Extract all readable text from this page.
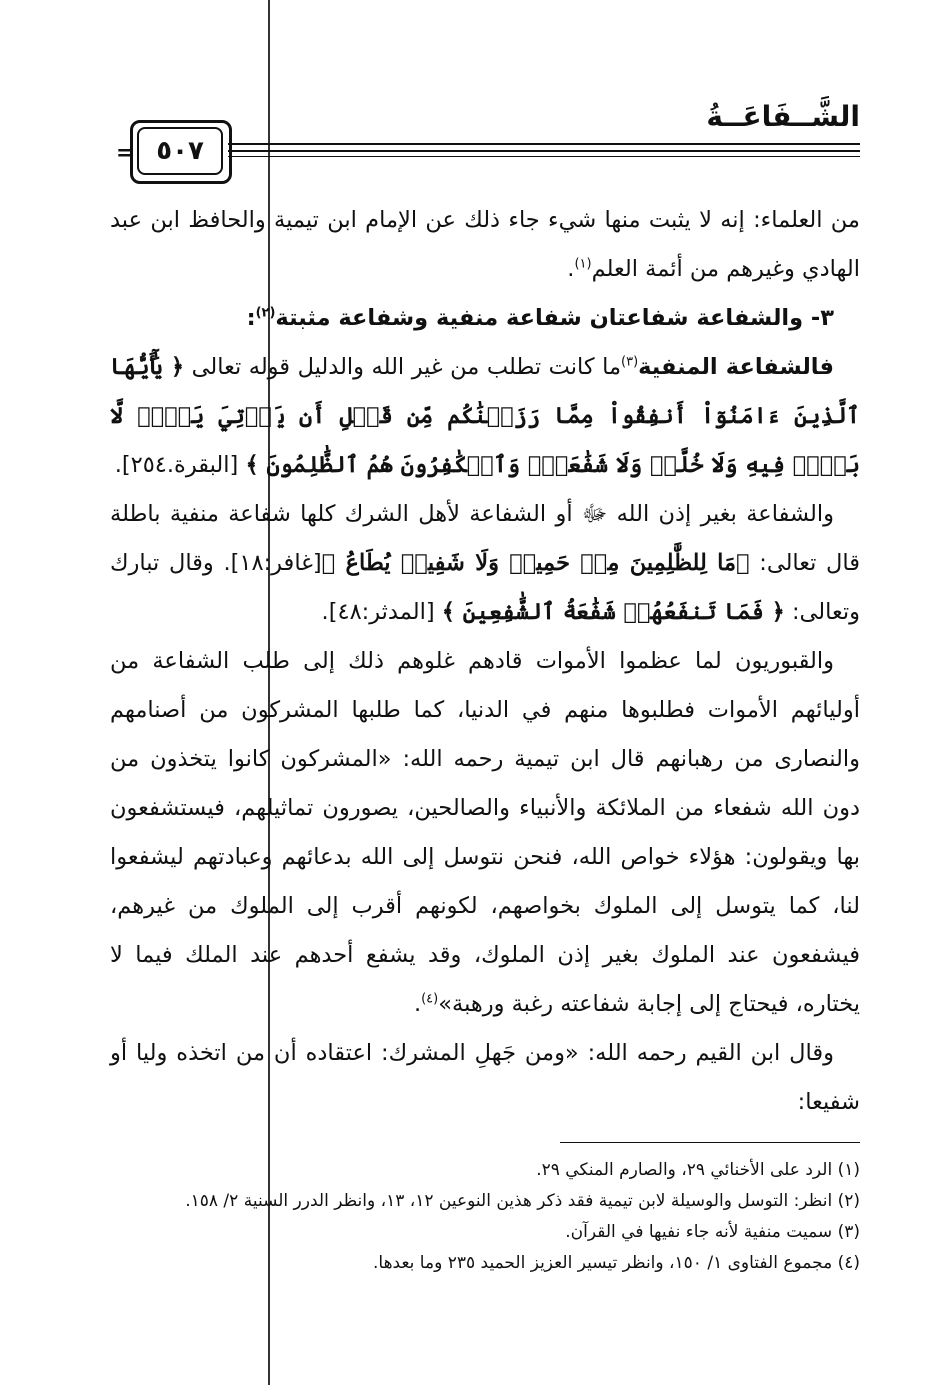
الشَّــفَاعَــةُ
٥٠٧
=

من العلماء: إنه لا يثبت منها شيء جاء ذلك عن الإمام ابن تيمية والحافظ ابن عبد الهادي وغيرهم من أئمة العلم$^{(١)}$.

٣- والشفاعة شفاعتان شفاعة منفية وشفاعة مثبتة$^{(٢)}$:

فالشفاعة المنفية$^{(٣)}$ما كانت تطلب من غير الله والدليل قوله تعالى ﴿ يَٰٓأَيُّهَا ٱلَّذِينَ ءَامَنُوٓاْ أَنفِقُواْ مِمَّا رَزَقۡنَٰكُم مِّن قَبۡلِ أَن يَأۡتِيَ يَوۡمٞ لَّا بَيۡعٞ فِيهِ وَلَا خُلَّةٞ وَلَا شَفَٰعَةٞۗ وَٱلۡكَٰفِرُونَ هُمُ ٱلظَّٰلِمُونَ ﴾ [البقرة.٢٥٤].

والشفاعة بغير إذن الله ﷻ أو الشفاعة لأهل الشرك كلها شفاعة منفية باطلة قال تعالى: ﴿مَا لِلظَّٰلِمِينَ مِنۡ حَمِيمٖ وَلَا شَفِيعٖ يُطَاعُ ﴾[غافر:١٨]. وقال تبارك وتعالى: ﴿ فَمَا تَنفَعُهُمۡ شَفَٰعَةُ ٱلشَّٰفِعِينَ ﴾ [المدثر:٤٨].

والقبوريون لما عظموا الأموات قادهم غلوهم ذلك إلى طلب الشفاعة من أوليائهم الأموات فطلبوها منهم في الدنيا، كما طلبها المشركون من أصنامهم والنصارى من رهبانهم قال ابن تيمية رحمه الله: «المشركون كانوا يتخذون من دون الله شفعاء من الملائكة والأنبياء والصالحين، يصورون تماثيلهم، فيستشفعون بها ويقولون: هؤلاء خواص الله، فنحن نتوسل إلى الله بدعائهم وعبادتهم ليشفعوا لنا، كما يتوسل إلى الملوك بخواصهم، لكونهم أقرب إلى الملوك من غيرهم، فيشفعون عند الملوك بغير إذن الملوك، وقد يشفع أحدهم عند الملك فيما لا يختاره، فيحتاج إلى إجابة شفاعته رغبة ورهبة»$^{(٤)}$.

وقال ابن القيم رحمه الله: «ومن جَهلِ المشرك: اعتقاده أن من اتخذه وليا أو شفيعا:

(١) الرد على الأخنائي ٢٩، والصارم المنكي ٢٩.
(٢) انظر: التوسل والوسيلة لابن تيمية فقد ذكر هذين النوعين ١٢، ١٣، وانظر الدرر السنية ٢/ ١٥٨.
(٣) سميت منفية لأنه جاء نفيها في القرآن.
(٤) مجموع الفتاوى ١/ ١٥٠، وانظر تيسير العزيز الحميد ٢٣٥ وما بعدها.
